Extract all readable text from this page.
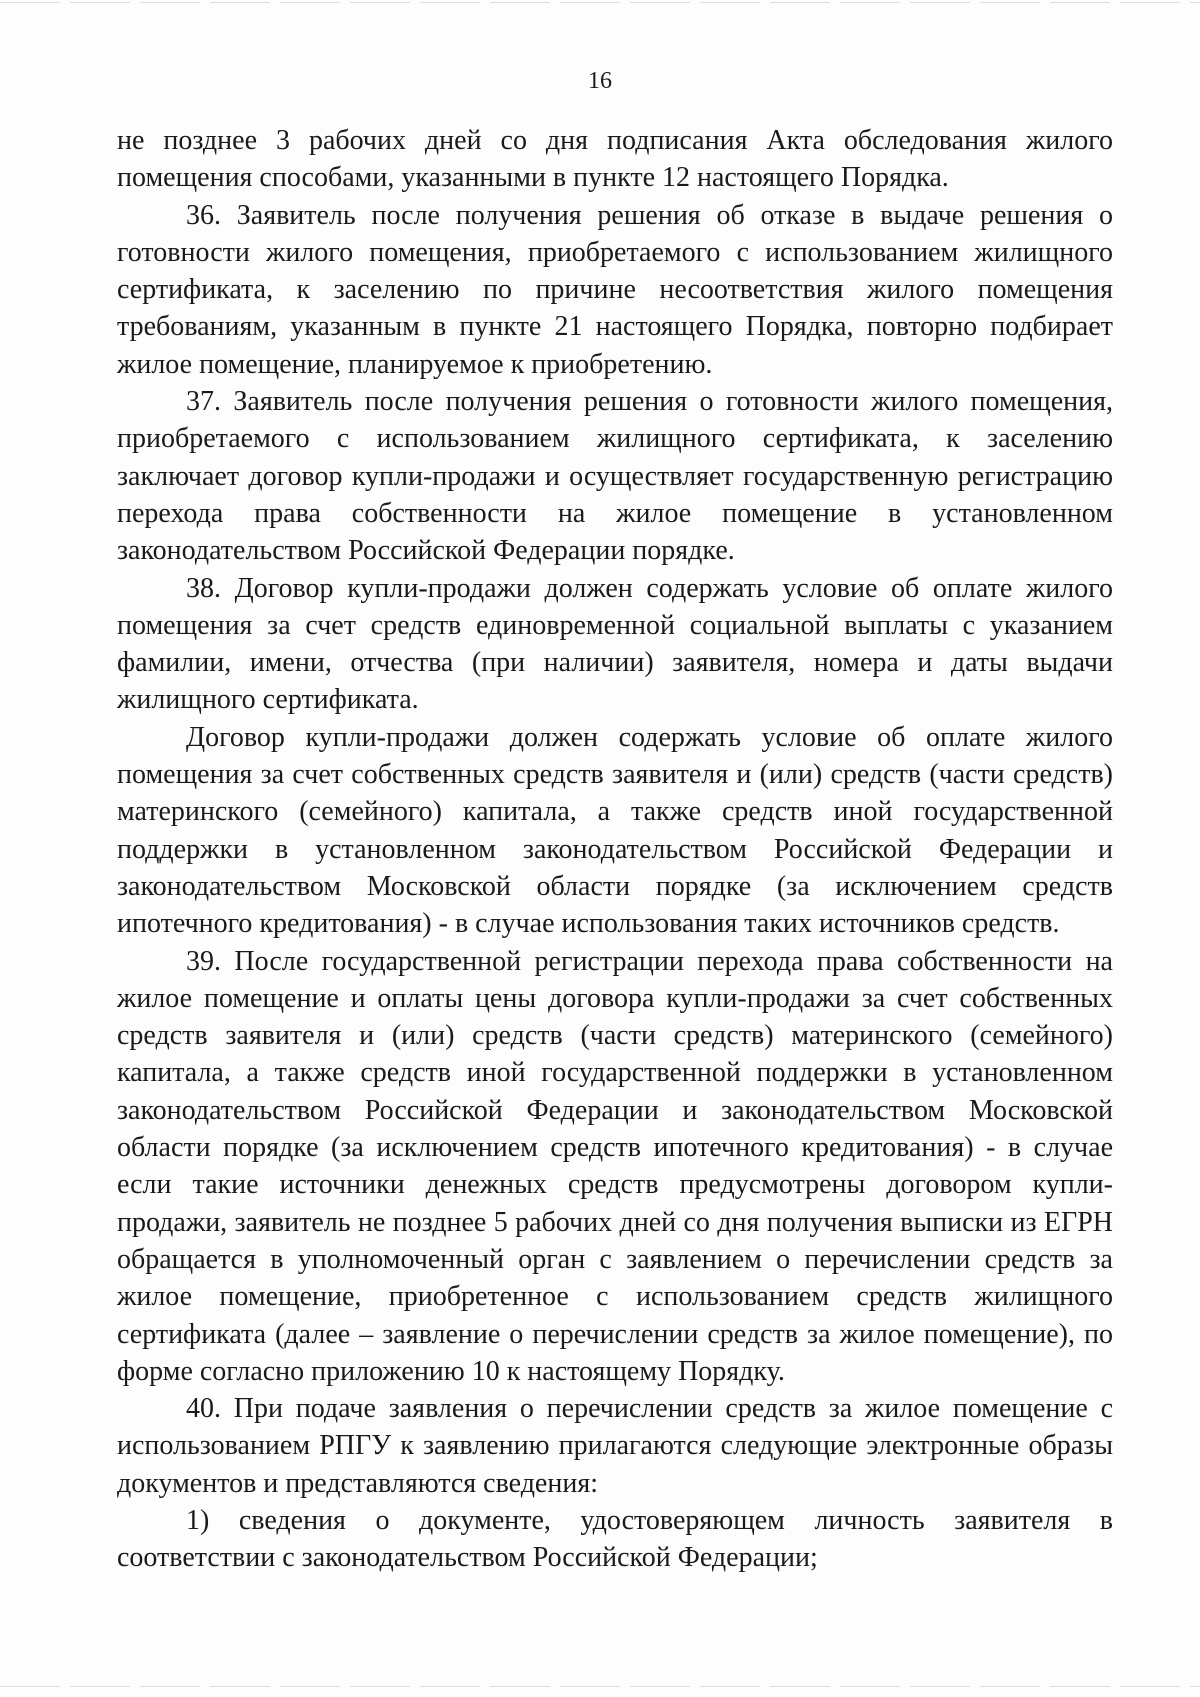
16

не позднее 3 рабочих дней со дня подписания Акта обследования жилого помещения способами, указанными в пункте 12 настоящего Порядка.

36. Заявитель после получения решения об отказе в выдаче решения о готовности жилого помещения, приобретаемого с использованием жилищного сертификата, к заселению по причине несоответствия жилого помещения требованиям, указанным в пункте 21 настоящего Порядка, повторно подбирает жилое помещение, планируемое к приобретению.

37. Заявитель после получения решения о готовности жилого помещения, приобретаемого с использованием жилищного сертификата, к заселению заключает договор купли-продажи и осуществляет государственную регистрацию перехода права собственности на жилое помещение в установленном законодательством Российской Федерации порядке.

38. Договор купли-продажи должен содержать условие об оплате жилого помещения за счет средств единовременной социальной выплаты с указанием фамилии, имени, отчества (при наличии) заявителя, номера и даты выдачи жилищного сертификата.

Договор купли-продажи должен содержать условие об оплате жилого помещения за счет собственных средств заявителя и (или) средств (части средств) материнского (семейного) капитала, а также средств иной государственной поддержки в установленном законодательством Российской Федерации и законодательством Московской области порядке (за исключением средств ипотечного кредитования) - в случае использования таких источников средств.

39. После государственной регистрации перехода права собственности на жилое помещение и оплаты цены договора купли-продажи за счет собственных средств заявителя и (или) средств (части средств) материнского (семейного) капитала, а также средств иной государственной поддержки в установленном законодательством Российской Федерации и законодательством Московской области порядке (за исключением средств ипотечного кредитования) - в случае если такие источники денежных средств предусмотрены договором купли-продажи, заявитель не позднее 5 рабочих дней со дня получения выписки из ЕГРН обращается в уполномоченный орган с заявлением о перечислении средств за жилое помещение, приобретенное с использованием средств жилищного сертификата (далее – заявление о перечислении средств за жилое помещение), по форме согласно приложению 10 к настоящему Порядку.

40. При подаче заявления о перечислении средств за жилое помещение с использованием РПГУ к заявлению прилагаются следующие электронные образы документов и представляются сведения:

1) сведения о документе, удостоверяющем личность заявителя в соответствии с законодательством Российской Федерации;
